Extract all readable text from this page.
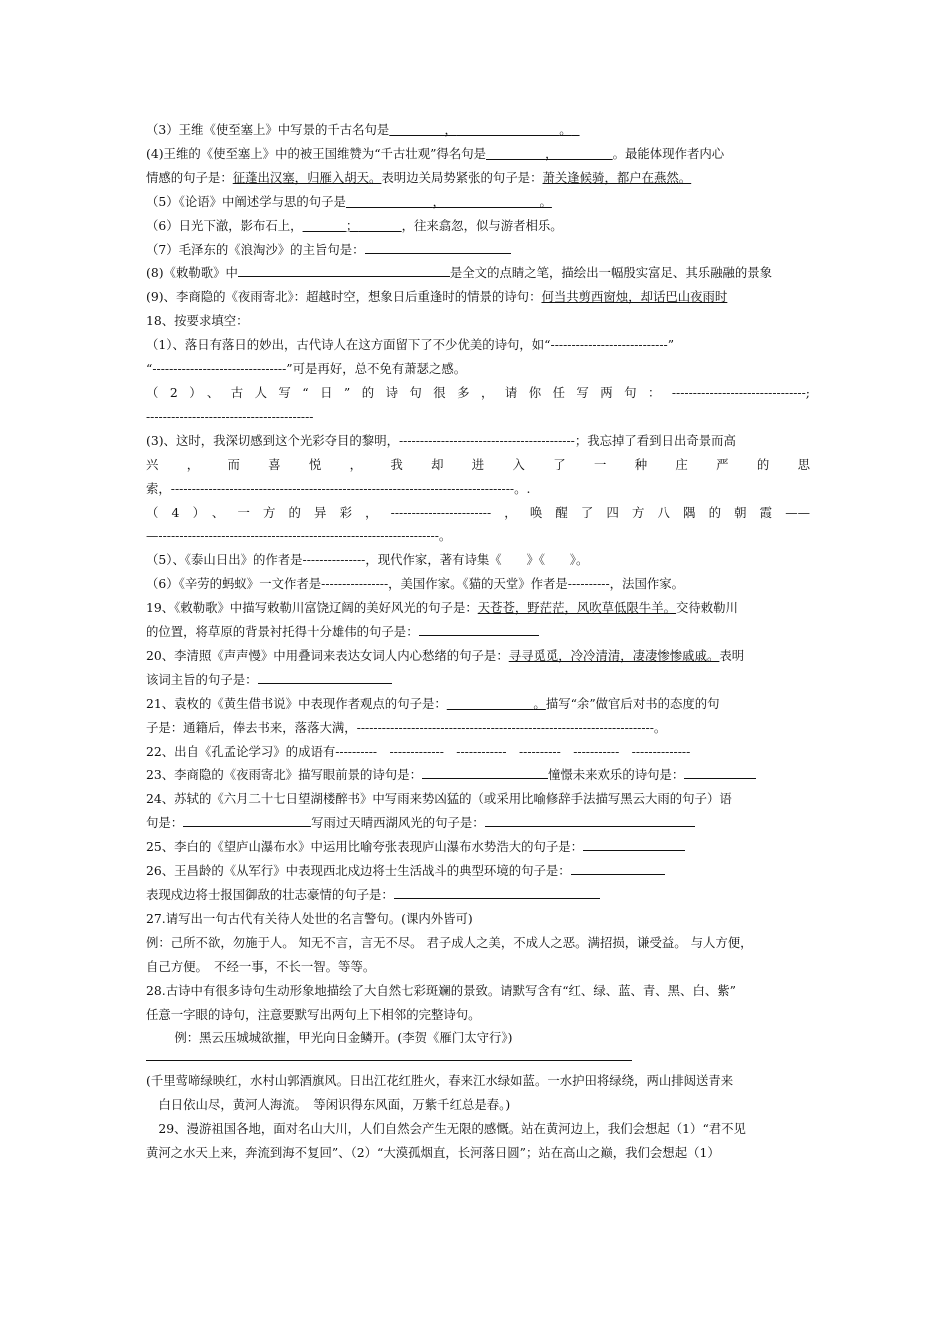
（3）王维《使至塞上》中写景的千古名句是	，	。
(4)王维的《使至塞上》中的被王国维赞为“千古壮观”得名句是	，	。最能体现作者内心
情感的句子是：征蓬出汉塞，归雁入胡天。表明边关局势紧张的句子是：萧关逢候骑，都户在燕然。
（5）《论语》中阐述学与思的句子是	，	。
（6）日光下澈，影布石上，	；	，往来翕忽，似与游者相乐。
（7）毛泽东的《浪淘沙》的主旨句是：
(8)《敕勒歌》中	是全文的点睛之笔，描绘出一幅殷实富足、其乐融融的景象
(9)、李商隐的《夜雨寄北》：超越时空，想象日后重逢时的情景的诗句：何当共剪西窗烛，却话巴山夜雨时
18、按要求填空：
（1）、落日有落日的妙出，古代诗人在这方面留下了不少优美的诗句，如“----------------------------”
“--------------------------------”可是再好，总不免有萧瑟之感。
（2）、古人写“日”的诗句很多，请你任写两句：--------------------------------;
----------------------------------------
(3)、这时，我深切感到这个光彩夺目的黎明，------------------------------------------；我忘掉了看到日出奇景而高
兴，而喜悦，我却进入了一种庄严的思
索，----------------------------------------------------------------------------------。.
（4）、一方的异彩，------------------------，唤醒了四方八隅的朝霞——
—-------------------------------------------------------------------。
（5）、《泰山日出》的作者是---------------，现代作家，著有诗集《　　》《　　》。
（6）《辛劳的蚂蚁》一文作者是----------------，美国作家。《猫的天堂》作者是----------，法国作家。
19、《敕勒歌》中描写敕勒川富饶辽阔的美好风光的句子是：天苍苍，野茫茫，风吹草低限牛羊。交待敕勒川
的位置，将草原的背景衬托得十分雄伟的句子是：
20、李清照《声声慢》中用叠词来表达女词人内心愁绪的句子是：寻寻觅觅，冷冷清清，凄凄惨惨戚戚。表明
该词主旨的句子是：
21、袁枚的《黄生借书说》中表现作者观点的句子是：	。描写“余”做官后对书的态度的句
子是：通籍后，俸去书来，落落大满，-----------------------------------------------------------------------。
22、出自《孔孟论学习》的成语有----------　-------------　------------　----------　-----------　--------------
23、李商隐的《夜雨寄北》描写眼前景的诗句是：	憧憬未来欢乐的诗句是：
24、苏轼的《六月二十七日望湖楼醉书》中写雨来势凶猛的（或采用比喻修辞手法描写黑云大雨的句子）语
句是：	写雨过天晴西湖风光的句子是：
25、李白的《望庐山瀑布水》中运用比喻夸张表现庐山瀑布水势浩大的句子是：
26、王昌龄的《从军行》中表现西北戍边将士生活战斗的典型环境的句子是：
表现戍边将士报国御敌的壮志豪情的句子是：
27.请写出一句古代有关待人处世的名言警句。(课内外皆可)
例：己所不欲，勿施于人。 知无不言，言无不尽。 君子成人之美，不成人之恶。满招损，谦受益。 与人方便，
自己方便。　不经一事，不长一智。等等。
28.古诗中有很多诗句生动形象地描绘了大自然七彩斑斓的景致。请默写含有“红、绿、蓝、青、黑、白、紫”
任意一字眼的诗句，注意要默写出两句上下相邻的完整诗句。
　例：黑云压城城欲摧，甲光向日金鳞开。(李贺《雁门太守行》)
(千里莺啼绿映红，水村山郭酒旗风。日出江花红胜火，春来江水绿如蓝。一水护田将绿绕，两山排闼送青来
　白日依山尽，黄河人海流。　等闲识得东风面，万紫千红总是春。)
　29、漫游祖国各地，面对名山大川，人们自然会产生无限的感慨。站在黄河边上，我们会想起（1）“君不见
黄河之水天上来，奔流到海不复回”、（2）“大漠孤烟直，长河落日圆”；站在高山之巅，我们会想起（1）
